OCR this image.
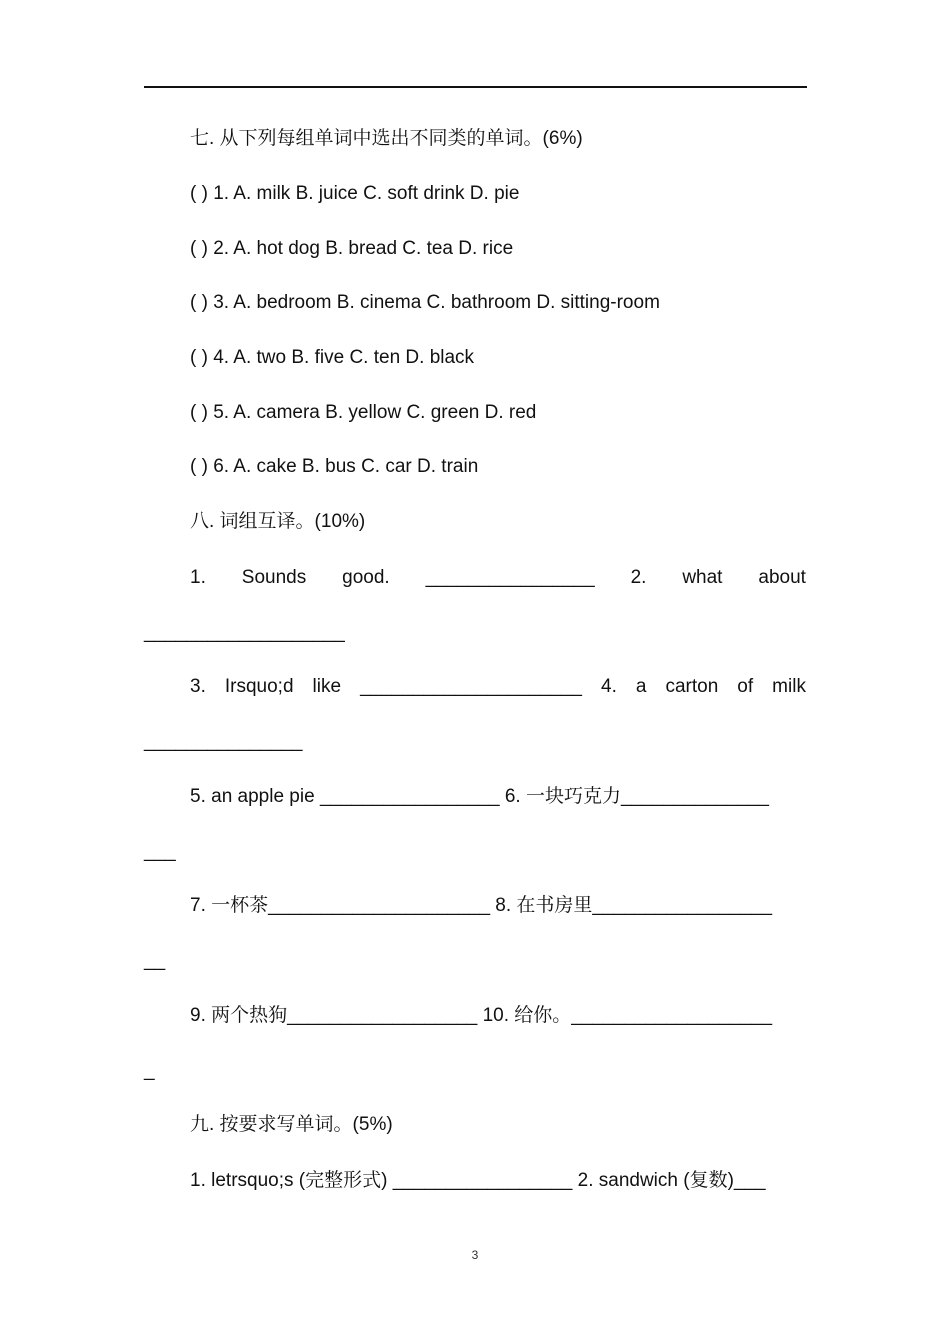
七. 从下列每组单词中选出不同类的单词。(6%)
( ) 1. A. milk B. juice C. soft drink D. pie
( ) 2. A. hot dog B. bread C. tea D. rice
( ) 3. A. bedroom B. cinema C. bathroom D. sitting-room
( ) 4. A. two B. five C. ten D. black
( ) 5. A. camera B. yellow C. green D. red
( ) 6. A. cake B. bus C. car D. train
八. 词组互译。(10%)
1. Sounds good. ________________ 2. what about
___________________
3. Irsquo;d like _____________________ 4. a carton of milk
_______________
5. an apple pie _________________ 6. 一块巧克力______________
___
7. 一杯茶_____________________ 8. 在书房里_________________
__
9. 两个热狗__________________ 10. 给你。___________________
_
九. 按要求写单词。(5%)
1. letrsquo;s (完整形式) _________________ 2. sandwich (复数)___
3
